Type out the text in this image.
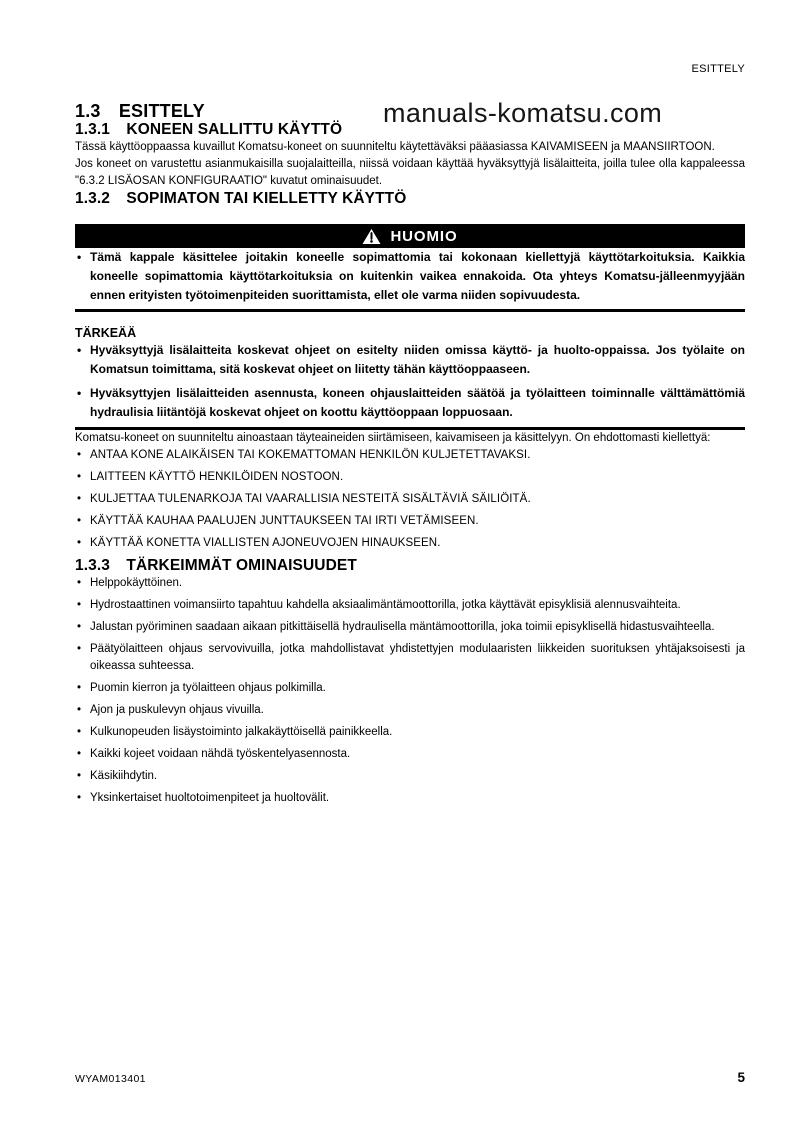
ESITTELY
1.3 ESITTELY	manuals-komatsu.com
1.3.1 KONEEN SALLITTU KÄYTTÖ

Tässä käyttöoppaassa kuvaillut Komatsu-koneet on suunniteltu käytettäväksi pääasiassa KAIVAMISEEN ja MAANSIIRTOON.

Jos koneet on varustettu asianmukaisilla suojalaitteilla, niissä voidaan käyttää hyväksyttyjä lisälaitteita, joilla tulee olla kappaleessa "6.3.2 LISÄOSAN KONFIGURAATIO" kuvatut ominaisuudet.

1.3.2 SOPIMATON TAI KIELLETTY KÄYTTÖ
HUOMIO
• Tämä kappale käsittelee joitakin koneelle sopimattomia tai kokonaan kiellettyjä käyttötarkoituksia. Kaikkia koneelle sopimattomia käyttötarkoituksia on kuitenkin vaikea ennakoida. Ota yhteys Komatsu-jälleenmyyjään ennen erityisten työtoimenpiteiden suorittamista, ellet ole varma niiden sopivuudesta.
TÄRKEÄÄ
• Hyväksyttyjä lisälaitteita koskevat ohjeet on esitelty niiden omissa käyttö- ja huolto-oppaissa. Jos työlaite on Komatsun toimittama, sitä koskevat ohjeet on liitetty tähän käyttöoppaaseen.
• Hyväksyttyjen lisälaitteiden asennusta, koneen ohjauslaitteiden säätöä ja työlaitteen toiminnalle välttämättömiä hydraulisia liitäntöjä koskevat ohjeet on koottu käyttöoppaan loppuosaan.

Komatsu-koneet on suunniteltu ainoastaan täyteaineiden siirtämiseen, kaivamiseen ja käsittelyyn. On ehdottomasti kiellettyä:

• ANTAA KONE ALAIKÄISEN TAI KOKEMATTOMAN HENKILÖN KULJETETTAVAKSI.
• LAITTEEN KÄYTTÖ HENKILÖIDEN NOSTOON.
• KULJETTAA TULENARKOJA TAI VAARALLISIA NESTEITÄ SISÄLTÄVIÄ SÄILIÖITÄ.
• KÄYTTÄÄ KAUHAA PAALUJEN JUNTTAUKSEEN TAI IRTI VETÄMISEEN.
• KÄYTTÄÄ KONETTA VIALLISTEN AJONEUVOJEN HINAUKSEEN.
1.3.3 TÄRKEIMMÄT OMINAISUUDET
• Helppokäyttöinen.
• Hydrostaattinen voimansiirto tapahtuu kahdella aksiaalimäntämoottorilla, jotka käyttävät episyklisiä alennusvaihteita.
• Jalustan pyöriminen saadaan aikaan pitkittäisellä hydraulisella mäntämoottorilla, joka toimii episyklisellä hidastusvaihteella.
• Päätyölaitteen ohjaus servovivuilla, jotka mahdollistavat yhdistettyjen modulaaristen liikkeiden suorituksen yhtäjaksoisesti ja oikeassa suhteessa.
• Puomin kierron ja työlaitteen ohjaus polkimilla.
• Ajon ja puskulevyn ohjaus vivuilla.
• Kulkunopeuden lisäystoiminto jalkakäyttöisellä painikkeella.
• Kaikki kojeet voidaan nähdä työskentelyasennosta.
• Käsikiihdytin.
• Yksinkertaiset huoltotoimenpiteet ja huoltovälit.
WYAM013401	5
